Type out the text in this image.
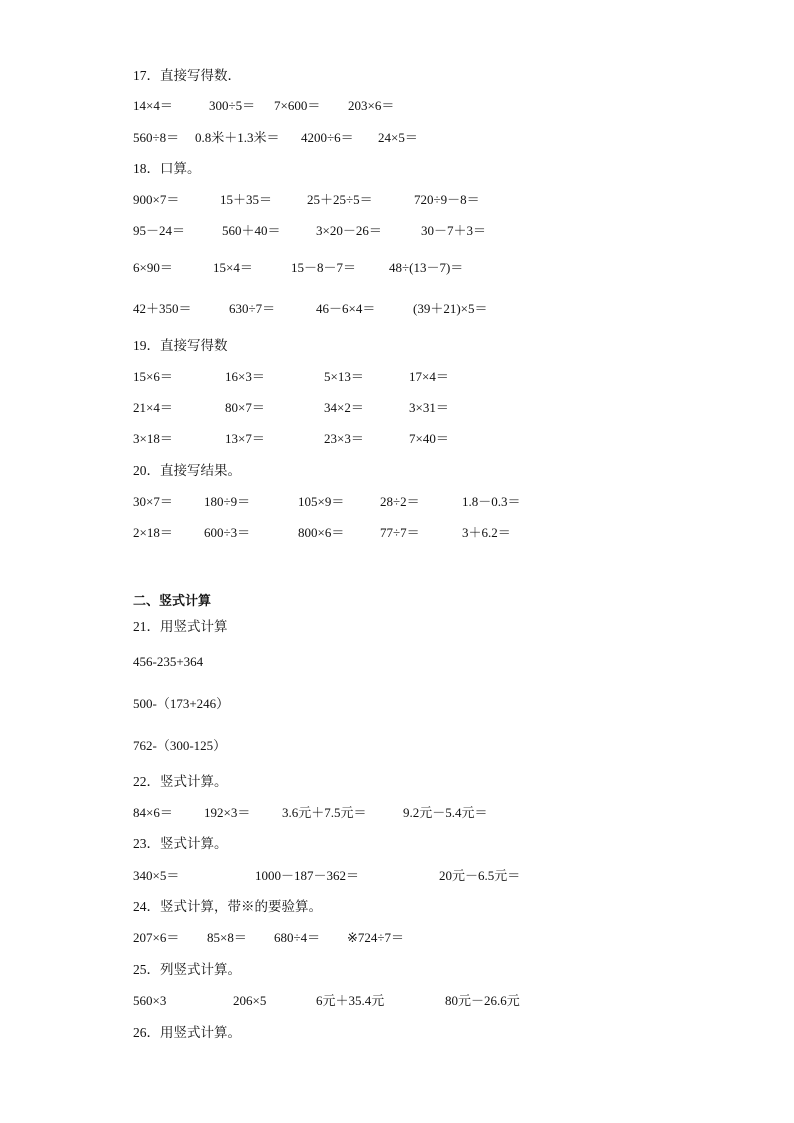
17．直接写得数．
14×4＝	300÷5＝ 7×600＝ 203×6＝
560÷8＝ 0.8米＋1.3米＝ 4200÷6＝ 24×5＝
18．口算。
900×7＝	15＋35＝	25＋25÷5＝	720÷9－8＝
95－24＝	560＋40＝	3×20－26＝	30－7＋3＝
6×90＝	15×4＝	15－8－7＝	48÷(13－7)＝
42＋350＝	630÷7＝	46－6×4＝	(39＋21)×5＝
19．直接写得数
15×6＝	16×3＝	5×13＝	17×4＝
21×4＝	80×7＝	34×2＝	3×31＝
3×18＝	13×7＝	23×3＝	7×40＝
20．直接写结果。
30×7＝ 180÷9＝	105×9＝	28÷2＝	1.8－0.3＝
2×18＝ 600÷3＝	800×6＝	77÷7＝	3＋6.2＝
二、竖式计算
21．用竖式计算
456-235+364
500-（173+246）
762-（300-125）
22．竖式计算。
84×6＝ 192×3＝ 3.6元＋7.5元＝	9.2元－5.4元＝
23．竖式计算。
340×5＝	1000－187－362＝	20元－6.5元＝
24．竖式计算，带※的要验算。
207×6＝ 85×8＝ 680÷4＝ ※724÷7＝
25．列竖式计算。
560×3	206×5	6元＋35.4元	80元－26.6元
26．用竖式计算。
